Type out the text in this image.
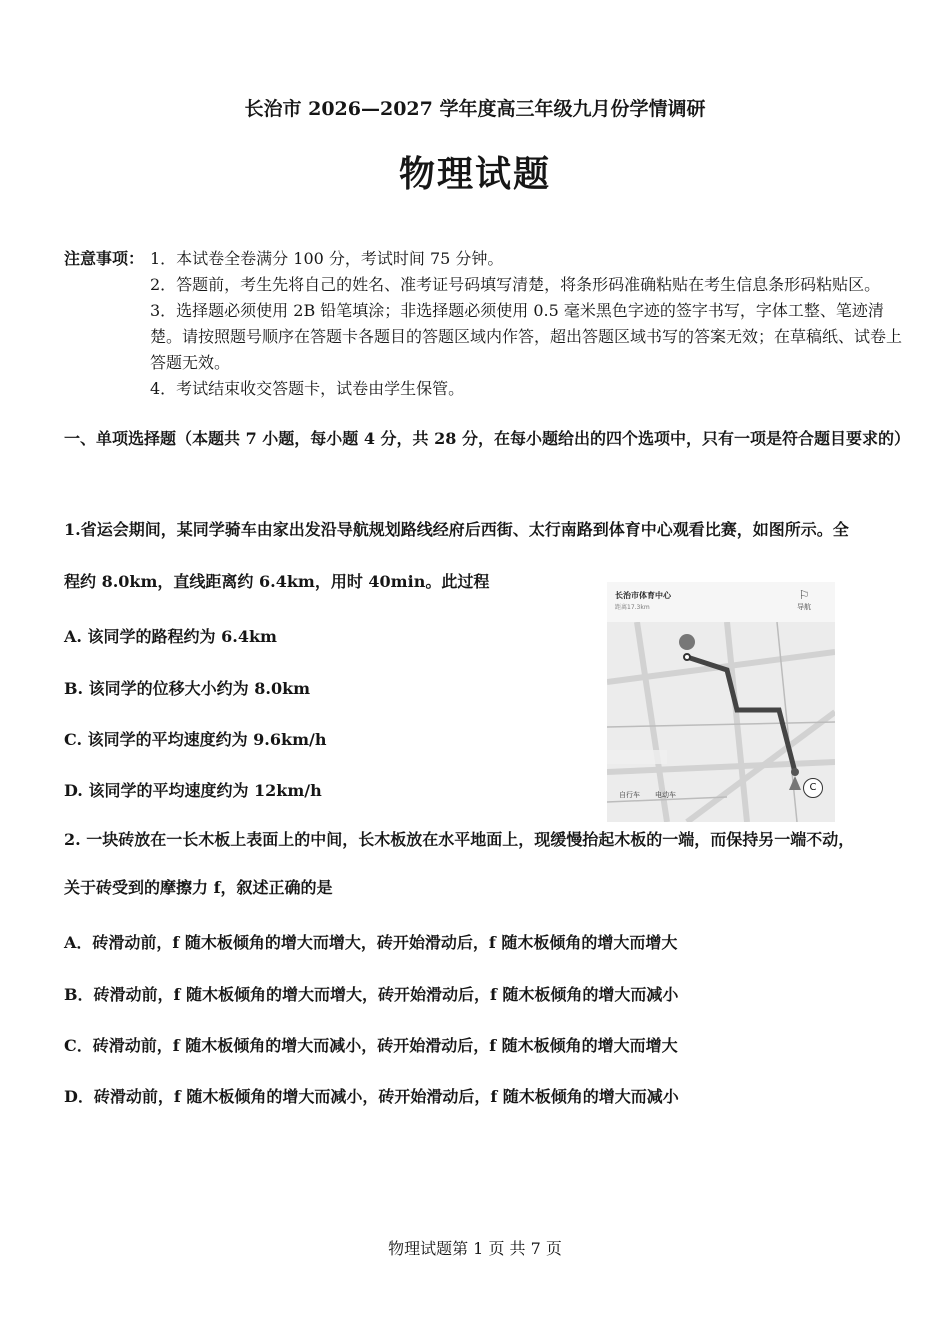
长治市 2026—2027 学年度高三年级九月份学情调研
物理试题
注意事项： 1．本试卷全卷满分 100 分，考试时间 75 分钟。
2．答题前，考生先将自己的姓名、准考证号码填写清楚，将条形码准确粘贴在考生信息条形码粘贴区。
3．选择题必须使用 2B 铅笔填涂；非选择题必须使用 0.5 毫米黑色字迹的签字书写，字体工整、笔迹清楚。请按照题号顺序在答题卡各题目的答题区域内作答，超出答题区域书写的答案无效；在草稿纸、试卷上答题无效。
4．考试结束收交答题卡，试卷由学生保管。
一、单项选择题（本题共 7 小题，每小题 4 分，共 28 分，在每小题给出的四个选项中，只有一项是符合题目要求的）
1.省运会期间，某同学骑车由家出发沿导航规划路线经府后西街、太行南路到体育中心观看比赛，如图所示。全
程约 8.0km，直线距离约 6.4km，用时 40min。此过程
A. 该同学的路程约为 6.4km
B. 该同学的位移大小约为 8.0km
C. 该同学的平均速度约为 9.6km/h
D. 该同学的平均速度约为 12km/h
长治市体育中心
距离17.3km
⚐
导航
自行车 电动车
C
2. 一块砖放在一长木板上表面上的中间，长木板放在水平地面上，现缓慢抬起木板的一端，而保持另一端不动，
关于砖受到的摩擦力 f，叙述正确的是
A．砖滑动前，f 随木板倾角的增大而增大，砖开始滑动后，f 随木板倾角的增大而增大
B．砖滑动前，f 随木板倾角的增大而增大，砖开始滑动后，f 随木板倾角的增大而减小
C．砖滑动前，f 随木板倾角的增大而减小，砖开始滑动后，f 随木板倾角的增大而增大
D．砖滑动前，f 随木板倾角的增大而减小，砖开始滑动后，f 随木板倾角的增大而减小
物理试题第 1 页 共 7 页
